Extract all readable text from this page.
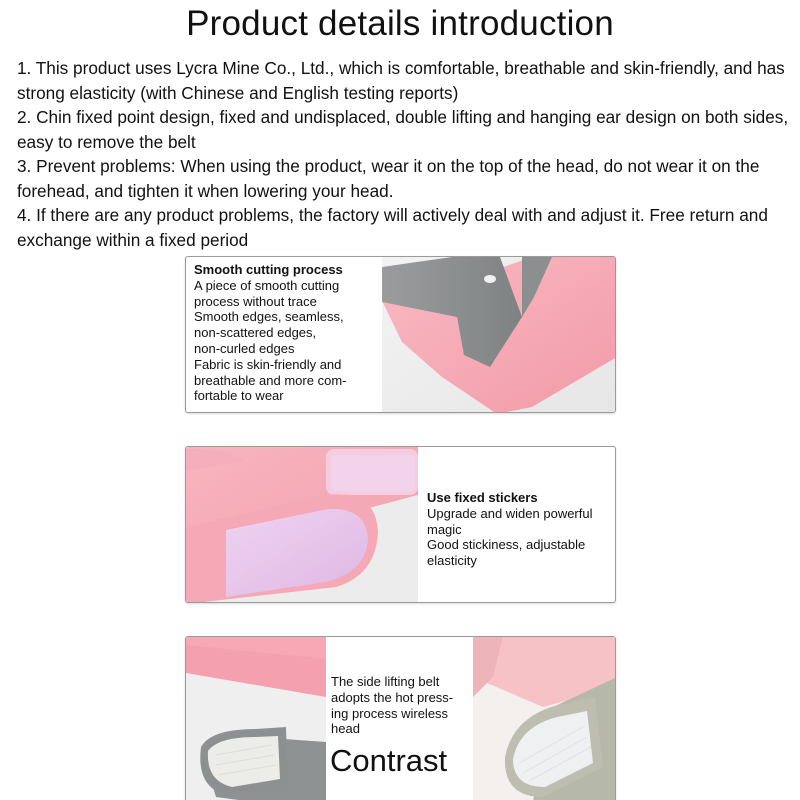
Product details introduction

1. This product uses Lycra Mine Co., Ltd., which is comfortable, breathable and skin-friendly, and has strong elasticity (with Chinese and English testing reports)

2. Chin fixed point design, fixed and undisplaced, double lifting and hanging ear design on both sides, easy to remove the belt

3. Prevent problems: When using the product, wear it on the top of the head, do not wear it on the forehead, and tighten it when lowering your head.

4. If there are any product problems, the factory will actively deal with and adjust it. Free return and exchange within a fixed period

Smooth cutting process
A piece of smooth cutting
process without trace
Smooth edges, seamless,
non-scattered edges,
non-curled edges
Fabric is skin-friendly and
breathable and more com-
fortable to wear
Use fixed stickers
Upgrade and widen powerful
magic
Good stickiness, adjustable
elasticity
The side lifting belt
adopts the hot press-
ing process wireless
head
Contrast
